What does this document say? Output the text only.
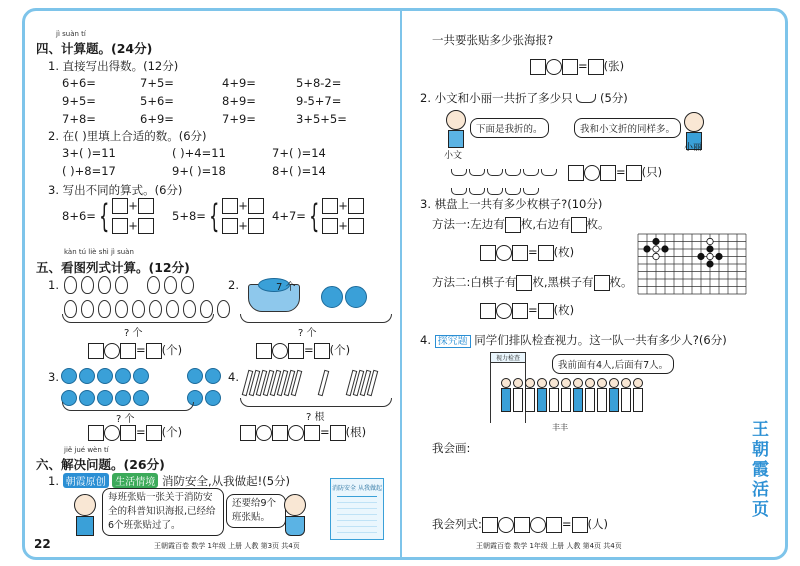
jì suàn tí
四、计算题。(24分)
1. 直接写出得数。(12分)
6+6=	7+5=	4+9=	5+8-2=
9+5=	5+6=	8+9=	9-5+7=
7+8=	6+9=	7+9=	3+5+5=
2. 在( )里填上合适的数。(6分)
3+( )=11	( )+4=11	7+( )=14
( )+8=17	9+( )=18	8+( )=14
3. 写出不同的算式。(6分)
8+6={	+
+
5+8={	+
+
4+7={	+
+
kàn tú liè shì jì suàn
五、看图列式计算。(12分)
1.

? 个
= (个)
2.	7 个
? 个
= (个)
3.

? 个
= (个)
4.

? 根
= (根)
jiě jué wèn tí
六、解决问题。(26分)
1. 朝霞原创 生活情境 消防安全,从我做起!(5分)
每班张贴一张关于消防安全的科普知识海报,已经给6个班张贴过了。
还要给9个班张贴。
消防安全 从我做起
22	王朝霞百卷 数学 1年级 上册 人教 第3页 共4页
一共要张贴多少张海报?
= (张)
2. 小文和小丽一共折了多少只 (5分)
小文
下面是我折的。	我和小文折的同样多。
小丽
= (只)
3. 棋盘上一共有多少枚棋子?(10分)
方法一:左边有 枚,右边有 枚。
= (枚)
方法二:白棋子有 枚,黑棋子有 枚。
= (枚)
4. 探究题 同学们排队检查视力。这一队一共有多少人?(6分)
视力检查
我前面有4人,后面有7人。
丰丰
我会画:
我会列式:	= (人)
王朝霞百卷 数学 1年级 上册 人教 第4页 共4页
王朝霞活页
